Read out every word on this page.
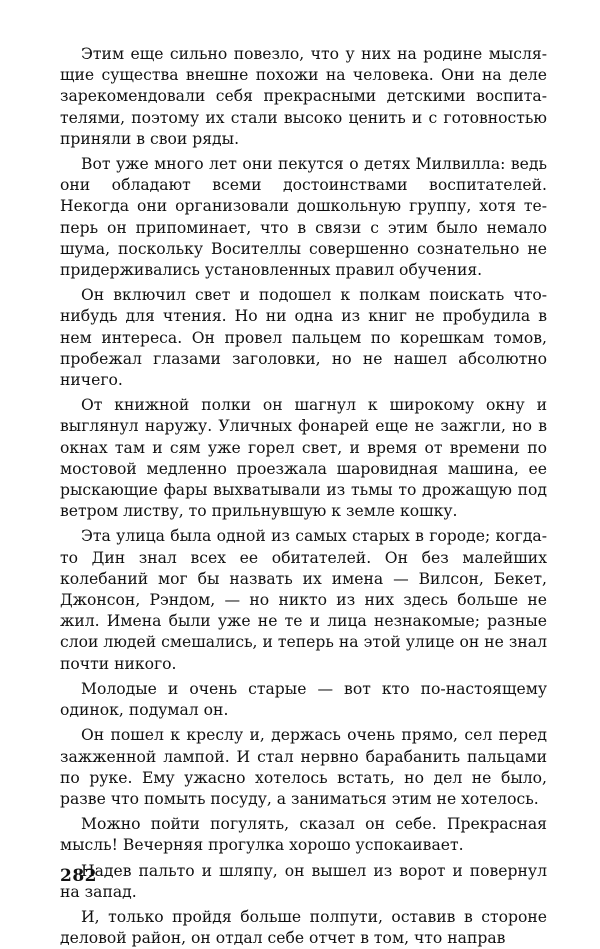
Этим еще сильно повезло, что у них на родине мыслящие существа внешне похожи на человека. Они на деле зарекомендовали себя прекрасными детскими воспитателями, поэтому их стали высоко ценить и с готовностью приняли в свои ряды.

Вот уже много лет они пекутся о детях Милвилла: ведь они обладают всеми достоинствами воспитателей. Некогда они организовали дошкольную группу, хотя теперь он припоминает, что в связи с этим было немало шума, поскольку Восителлы совершенно сознательно не придерживались установленных правил обучения.

Он включил свет и подошел к полкам поискать чтонибудь для чтения. Но ни одна из книг не пробудила в нем интереса. Он провел пальцем по корешкам томов, пробежал глазами заголовки, но не нашел абсолютно ничего.

От книжной полки он шагнул к широкому окну и выглянул наружу. Уличных фонарей еще не зажгли, но в окнах там и сям уже горел свет, и время от времени по мостовой медленно проезжала шаровидная машина, ее рыскающие фары выхватывали из тьмы то дрожащую под ветром листву, то прильнувшую к земле кошку.

Эта улица была одной из самых старых в городе; когда-то Дин знал всех ее обитателей. Он без малейших колебаний мог бы назвать их имена — Вилсон, Бекет, Джонсон, Рэндом, — но никто из них здесь больше не жил. Имена были уже не те и лица незнакомые; разные слои людей смешались, и теперь на этой улице он не знал почти никого.

Молодые и очень старые — вот кто по-настоящему одинок, подумал он.

Он пошел к креслу и, держась очень прямо, сел перед зажженной лампой. И стал нервно барабанить пальцами по руке. Ему ужасно хотелось встать, но дел не было, разве что помыть посуду, а заниматься этим не хотелось.

Можно пойти погулять, сказал он себе. Прекрасная мысль! Вечерняя прогулка хорошо успокаивает.

Надев пальто и шляпу, он вышел из ворот и повернул на запад.

И, только пройдя больше полпути, оставив в стороне деловой район, он отдал себе отчет в том, что направ

282
